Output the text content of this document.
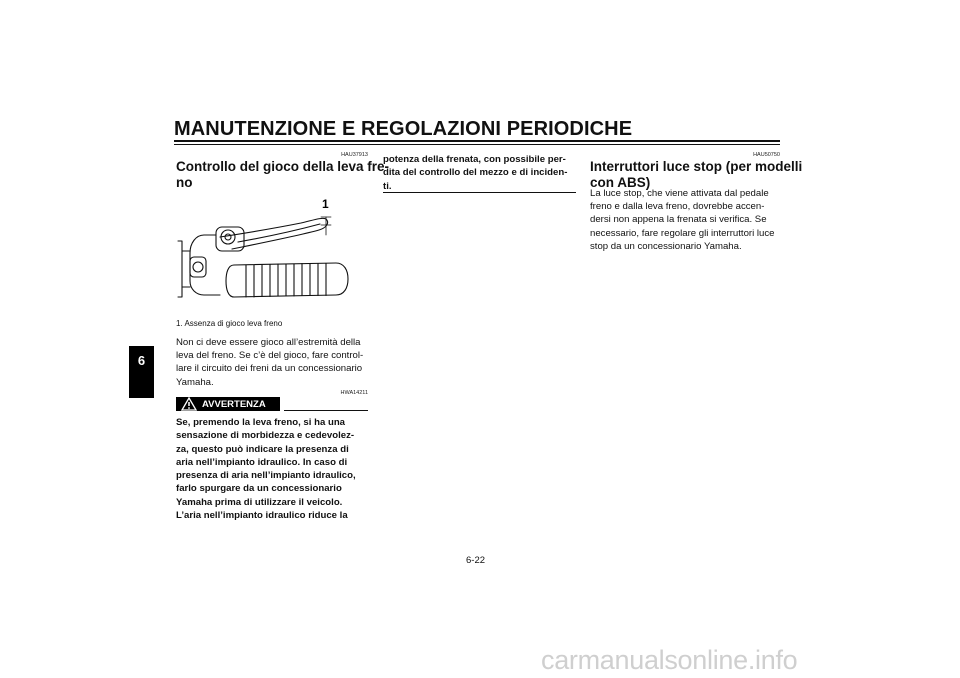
MANUTENZIONE E REGOLAZIONI PERIODICHE
6
HAU37913
Controllo del gioco della leva fre-
no
1
1. Assenza di gioco leva freno
Non ci deve essere gioco all’estremità della
leva del freno. Se c’è del gioco, fare control-
lare il circuito dei freni da un concessionario
Yamaha.
HWA14211
AVVERTENZA
Se, premendo la leva freno, si ha una
sensazione di morbidezza e cedevolez-
za, questo può indicare la presenza di
aria nell’impianto idraulico. In caso di
presenza di aria nell’impianto idraulico,
farlo spurgare da un concessionario
Yamaha prima di utilizzare il veicolo.
L’aria nell’impianto idraulico riduce la
potenza della frenata, con possibile per-
dita del controllo del mezzo e di inciden-
ti.
HAU50750
Interruttori luce stop (per modelli
con ABS)
La luce stop, che viene attivata dal pedale
freno e dalla leva freno, dovrebbe accen-
dersi non appena la frenata si verifica. Se
necessario, fare regolare gli interruttori luce
stop da un concessionario Yamaha.
6-22
carmanualsonline.info
